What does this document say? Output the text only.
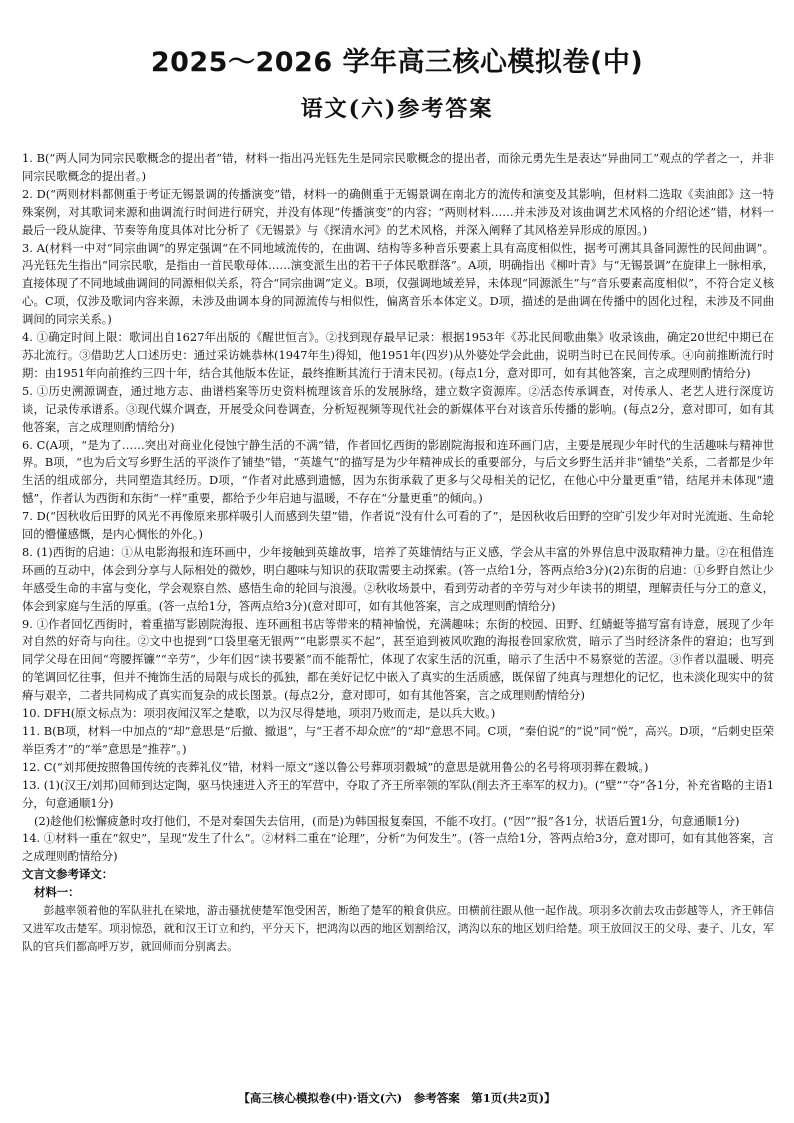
2025～2026 学年高三核心模拟卷(中)
语文(六)参考答案

1. B(“两人同为同宗民歌概念的提出者”错，材料一指出冯光钰先生是同宗民歌概念的提出者，而徐元勇先生是表达“异曲同工”观点的学者之一，并非同宗民歌概念的提出者。)

2. D(“两则材料都侧重于考证无锡景调的传播演变”错，材料一的确侧重于无锡景调在南北方的流传和演变及其影响，但材料二选取《卖油郎》这一特殊案例，对其歌词来源和曲调流行时间进行研究，并没有体现“传播演变”的内容；“两则材料……并未涉及对该曲调艺术风格的介绍论述”错，材料一最后一段从旋律、节奏等角度具体对比分析了《无锡景》与《探清水河》的艺术风格，并深入阐释了其风格差异形成的原因。)

3. A(材料一中对“同宗曲调”的界定强调“在不同地域流传的，在曲调、结构等多种音乐要素上具有高度相似性，据考可溯其具备同源性的民间曲调”。冯光钰先生指出“同宗民歌，是指由一首民歌母体……演变派生出的若干子体民歌群落”。A项，明确指出《柳叶青》与“无锡景调”在旋律上一脉相承，直接体现了不同地域曲调间的同源相似关系，符合“同宗曲调”定义。B项，仅强调地域差异，未体现“同源派生”与“音乐要素高度相似”，不符合定义核心。C项，仅涉及歌词内容来源，未涉及曲调本身的同源流传与相似性，偏离音乐本体定义。D项，描述的是曲调在传播中的固化过程，未涉及不同曲调间的同宗关系。)

4. ①确定时间上限：歌词出自1627年出版的《醒世恒言》。②找到现存最早记录：根据1953年《苏北民间歌曲集》收录该曲，确定20世纪中期已在苏北流行。③借助艺人口述历史：通过采访姚恭林(1947年生)得知，他1951年(四岁)从外婆处学会此曲，说明当时已在民间传承。④向前推断流行时期：由1951年向前推约三四十年，结合其他版本佐证，最终推断其流行于清末民初。(每点1分，意对即可，如有其他答案，言之成理则酌情给分)

5. ①历史溯源调查，通过地方志、曲谱档案等历史资料梳理该音乐的发展脉络，建立数字资源库。②活态传承调查，对传承人、老艺人进行深度访谈，记录传承谱系。③现代媒介调查，开展受众问卷调查，分析短视频等现代社会的新媒体平台对该音乐传播的影响。(每点2分，意对即可，如有其他答案，言之成理则酌情给分)

6. C(A项，“是为了……突出对商业化侵蚀宁静生活的不满”错，作者回忆西街的影剧院海报和连环画门店，主要是展现少年时代的生活趣味与精神世界。B项，“也为后文写乡野生活的平淡作了铺垫”错，“英雄气”的描写是为少年精神成长的重要部分，与后文乡野生活并非“铺垫”关系，二者都是少年生活的组成部分，共同塑造其经历。D项，“作者对此感到遗憾，因为东街承载了更多与父母相关的记忆，在他心中分量更重”错，结尾并未体现“遗憾”，作者认为西街和东街“一样”重要，都给予少年启迪与温暖，不存在“分量更重”的倾向。)

7. D(“因秋收后田野的风光不再像原来那样吸引人而感到失望”错，作者说“没有什么可看的了”，是因秋收后田野的空旷引发少年对时光流逝、生命轮回的懵懂感慨，是内心惆怅的外化。)

8. (1)西街的启迪：①从电影海报和连环画中，少年接触到英雄故事，培养了英雄情结与正义感，学会从丰富的外界信息中汲取精神力量。②在租借连环画的互动中，体会到分享与人际相处的微妙，明白趣味与知识的获取需要主动探索。(答一点给1分，答两点给3分)(2)东街的启迪：①乡野自然让少年感受生命的丰富与变化，学会观察自然、感悟生命的轮回与浪漫。②秋收场景中，看到劳动者的辛劳与对少年读书的期望，理解责任与分工的意义，体会到家庭与生活的厚重。(答一点给1分，答两点给3分)(意对即可，如有其他答案，言之成理则酌情给分)

9. ①作者回忆西街时，着重描写影剧院海报、连环画租书店等带来的精神愉悦，充满趣味；东街的校园、田野、红蜻蜓等描写富有诗意，展现了少年对自然的好奇与向往。②文中也提到“口袋里毫无银两”“电影票买不起”，甚至追到被风吹跑的海报卷回家欣赏，暗示了当时经济条件的窘迫；也写到同学父母在田间“弯腰挥镰”“辛劳”，少年们因“读书要紧”而不能帮忙，体现了农家生活的沉重，暗示了生活中不易察觉的苦涩。③作者以温暖、明亮的笔调回忆往事，但并不掩饰生活的局限与成长的孤独，都在美好记忆中嵌入了真实的生活质感，既保留了纯真与理想化的记忆，也未淡化现实中的贫瘠与艰辛，二者共同构成了真实而复杂的成长图景。(每点2分，意对即可，如有其他答案，言之成理则酌情给分)

10. DFH(原文标点为：项羽夜闻汉军之楚歌，以为汉尽得楚地，项羽乃败而走，是以兵大败。)

11. B(B项，材料一中加点的“却”意思是“后撤、撤退”，与“王者不却众庶”的“却”意思不同。C项，“秦伯说”的“说”同“悦”，高兴。D项，“后刺史臣荣举臣秀才”的“举”意思是“推荐”。)

12. C(“刘邦便按照鲁国传统的丧葬礼仪”错，材料一原文“遂以鲁公号葬项羽縠城”的意思是就用鲁公的名号将项羽葬在縠城。)

13. (1)(汉王/刘邦)回师到达定陶，驱马快速进入齐王的军营中，夺取了齐王所率领的军队(削去齐王率军的权力)。(“壁”“夺”各1分，补充省略的主语1分，句意通顺1分)

(2)趁他们松懈疲惫时攻打他们，不是对秦国失去信用，(而是)为韩国报复秦国，不能不攻打。(“因”“报”各1分，状语后置1分，句意通顺1分)

14. ①材料一重在“叙史”，呈现“发生了什么”。②材料二重在“论理”，分析“为何发生”。(答一点给1分，答两点给3分，意对即可，如有其他答案，言之成理则酌情给分)

文言文参考译文：

材料一：

彭越率领着他的军队驻扎在梁地，游击骚扰使楚军饱受困苦，断绝了楚军的粮食供应。田横前往跟从他一起作战。项羽多次前去攻击彭越等人，齐王韩信又进军攻击楚军。项羽惊恐，就和汉王订立和约，平分天下，把鸿沟以西的地区划割给汉，鸿沟以东的地区划归给楚。项王放回汉王的父母、妻子、儿女，军队的官兵们都高呼万岁，就回师而分别离去。

【高三核心模拟卷(中)·语文(六)　参考答案　第1页(共2页)】
